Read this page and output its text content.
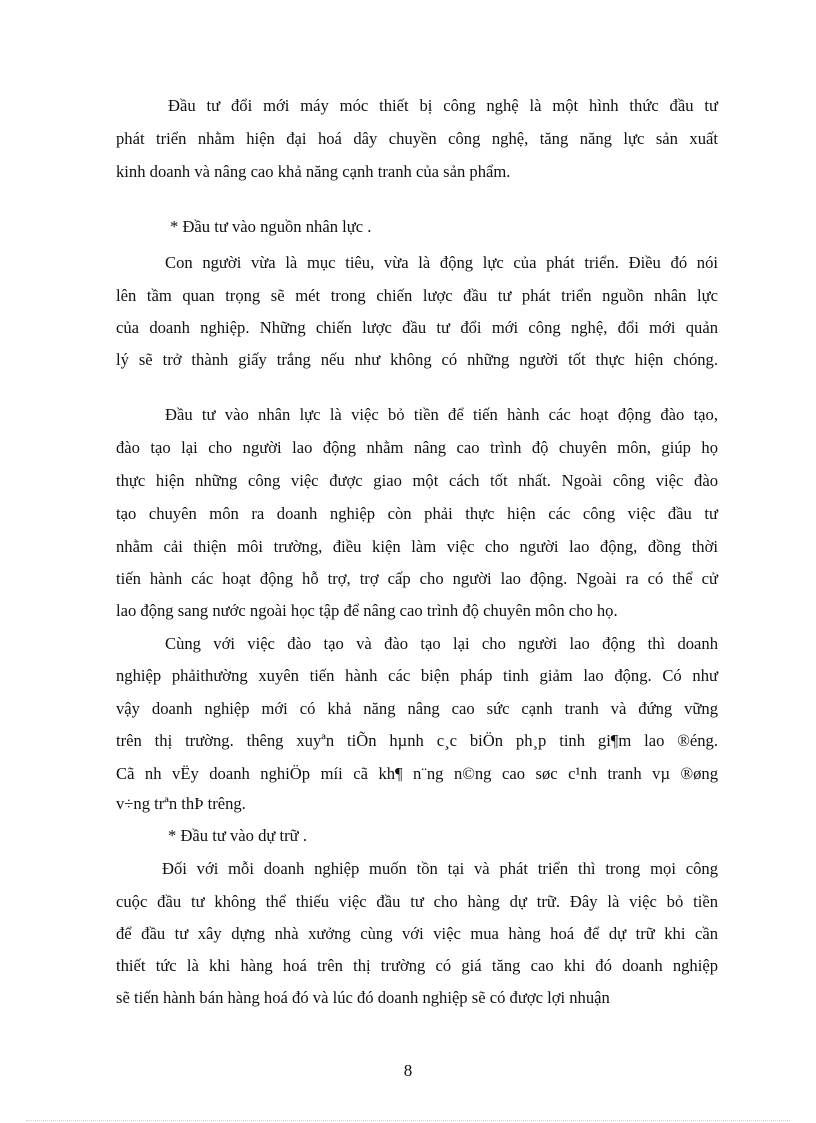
Đầu tư đổi mới máy móc thiết bị công nghệ là một hình thức đầu tư
phát triển nhằm hiện đại hoá dây chuyền công nghệ, tăng năng lực sản xuất
kinh doanh và nâng cao khả năng cạnh tranh của sản phẩm.
* Đầu tư vào nguồn nhân lực .
Con người vừa là mục tiêu, vừa là động lực của phát triển. Điều đó nói
lên tầm quan trọng sẽ mét trong chiến lược đầu tư phát triển nguồn nhân lực
của doanh nghiệp. Những chiến lược đầu tư đổi mới công nghệ, đổi mới quản
lý sẽ trở thành giấy trắng nếu như không có những người tốt thực hiện chóng.
Đầu tư vào nhân lực là việc bỏ tiền để tiến hành các hoạt động đào tạo,
đào tạo lại cho người lao động nhằm nâng cao trình độ chuyên môn, giúp họ
thực hiện những công việc được giao một cách tốt nhất. Ngoài công việc đào
tạo chuyên môn ra doanh nghiệp còn phải thực hiện các công việc đầu tư
nhằm cải thiện môi trường, điều kiện làm việc cho người lao động, đồng thời
tiến hành các hoạt động hỗ trợ, trợ cấp cho người lao động. Ngoài ra có thể cử
lao động sang nước ngoài học tập để nâng cao trình độ chuyên môn cho họ.
Cùng với việc đào tạo và đào tạo lại cho người lao động thì doanh
nghiệp phảithường xuyên tiến hành các biện pháp tinh giảm lao động. Có như
vậy doanh nghiệp mới có khả năng nâng cao sức cạnh tranh và đứng vững
trên thị trường. thêng xuyªn tiÕn hµnh c¸c biÖn ph¸p tinh gi¶m lao ®éng.
Cã nh vËy doanh nghiÖp míi cã kh¶ n¨ng n©ng cao søc c¹nh tranh vµ ®øng
v÷ng trªn thÞ trêng.
* Đầu tư vào dự trữ .
Đối với mỗi doanh nghiệp muốn tồn tại và phát triển thì trong mọi công
cuộc đầu tư không thể thiếu việc đầu tư cho hàng dự trữ. Đây là việc bỏ tiền
để đầu tư xây dựng nhà xưởng cùng với việc mua hàng hoá để dự trữ khi cần
thiết tức là khi hàng hoá trên thị trường có giá tăng cao khi đó doanh nghiệp
sẽ tiến hành bán hàng hoá đó và lúc đó doanh nghiệp sẽ có được lợi nhuận
8
